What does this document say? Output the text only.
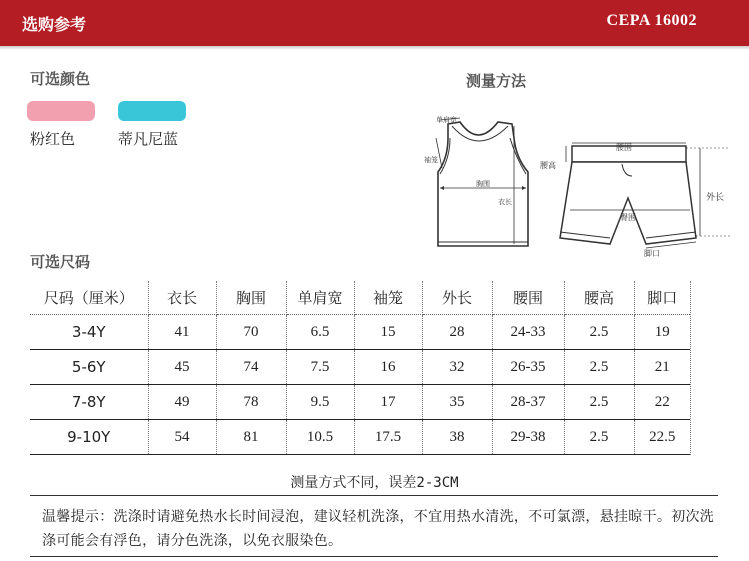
选购参考	CEPA 16002
可选颜色
粉红色	蒂凡尼蓝
测量方法
单肩宽
袖笼
胸围
衣长
腰围
腰高
臀围
外长
脚口
可选尺码
尺码（厘米）	衣长	胸围	单肩宽	袖笼	外长	腰围	腰高	脚口
3-4Y	41	70	6.5	15	28	24-33	2.5	19
5-6Y	45	74	7.5	16	32	26-35	2.5	21
7-8Y	49	78	9.5	17	35	28-37	2.5	22
9-10Y	54	81	10.5	17.5	38	29-38	2.5	22.5
测量方式不同，误差2-3CM
温馨提示：洗涤时请避免热水长时间浸泡，建议轻机洗涤，不宜用热水清洗，不可氯漂，悬挂晾干。初次洗涤可能会有浮色，请分色洗涤，以免衣服染色。
